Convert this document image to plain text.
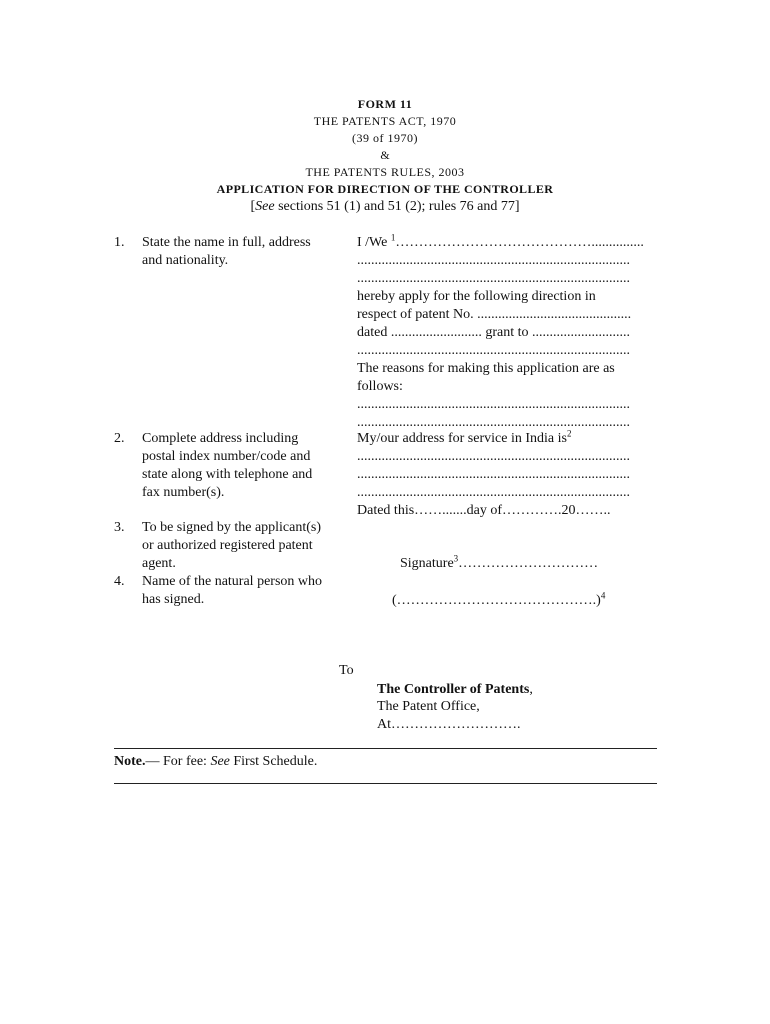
FORM 11
THE PATENTS ACT, 1970
(39 of 1970)
&
THE PATENTS RULES, 2003
APPLICATION FOR DIRECTION OF THE CONTROLLER
[See sections 51 (1) and 51 (2); rules 76 and 77]
1. State the name in full, address
and nationality.
I /We $^1$……………………………………...............
..............................................................................
..............................................................................
hereby apply for the following direction in
respect of patent No. ............................................
dated .......................... grant to ............................
..............................................................................
The reasons for making this application are as
follows:
..............................................................................
..............................................................................
2. Complete address including
postal index number/code and
state along with telephone and
fax number(s).
My/our address for service in India $is^2$
..............................................................................
..............................................................................
..............................................................................
Dated this…….......day of………….20……..
3. To be signed by the applicant(s)
or authorized registered patent
agent.	Signature$^3$…………………………
4. Name of the natural person who
has signed.	(…………………………………….)$^4$
To
The Controller of Patents,
The Patent Office,
At……………………….
Note.— For fee: See First Schedule.
